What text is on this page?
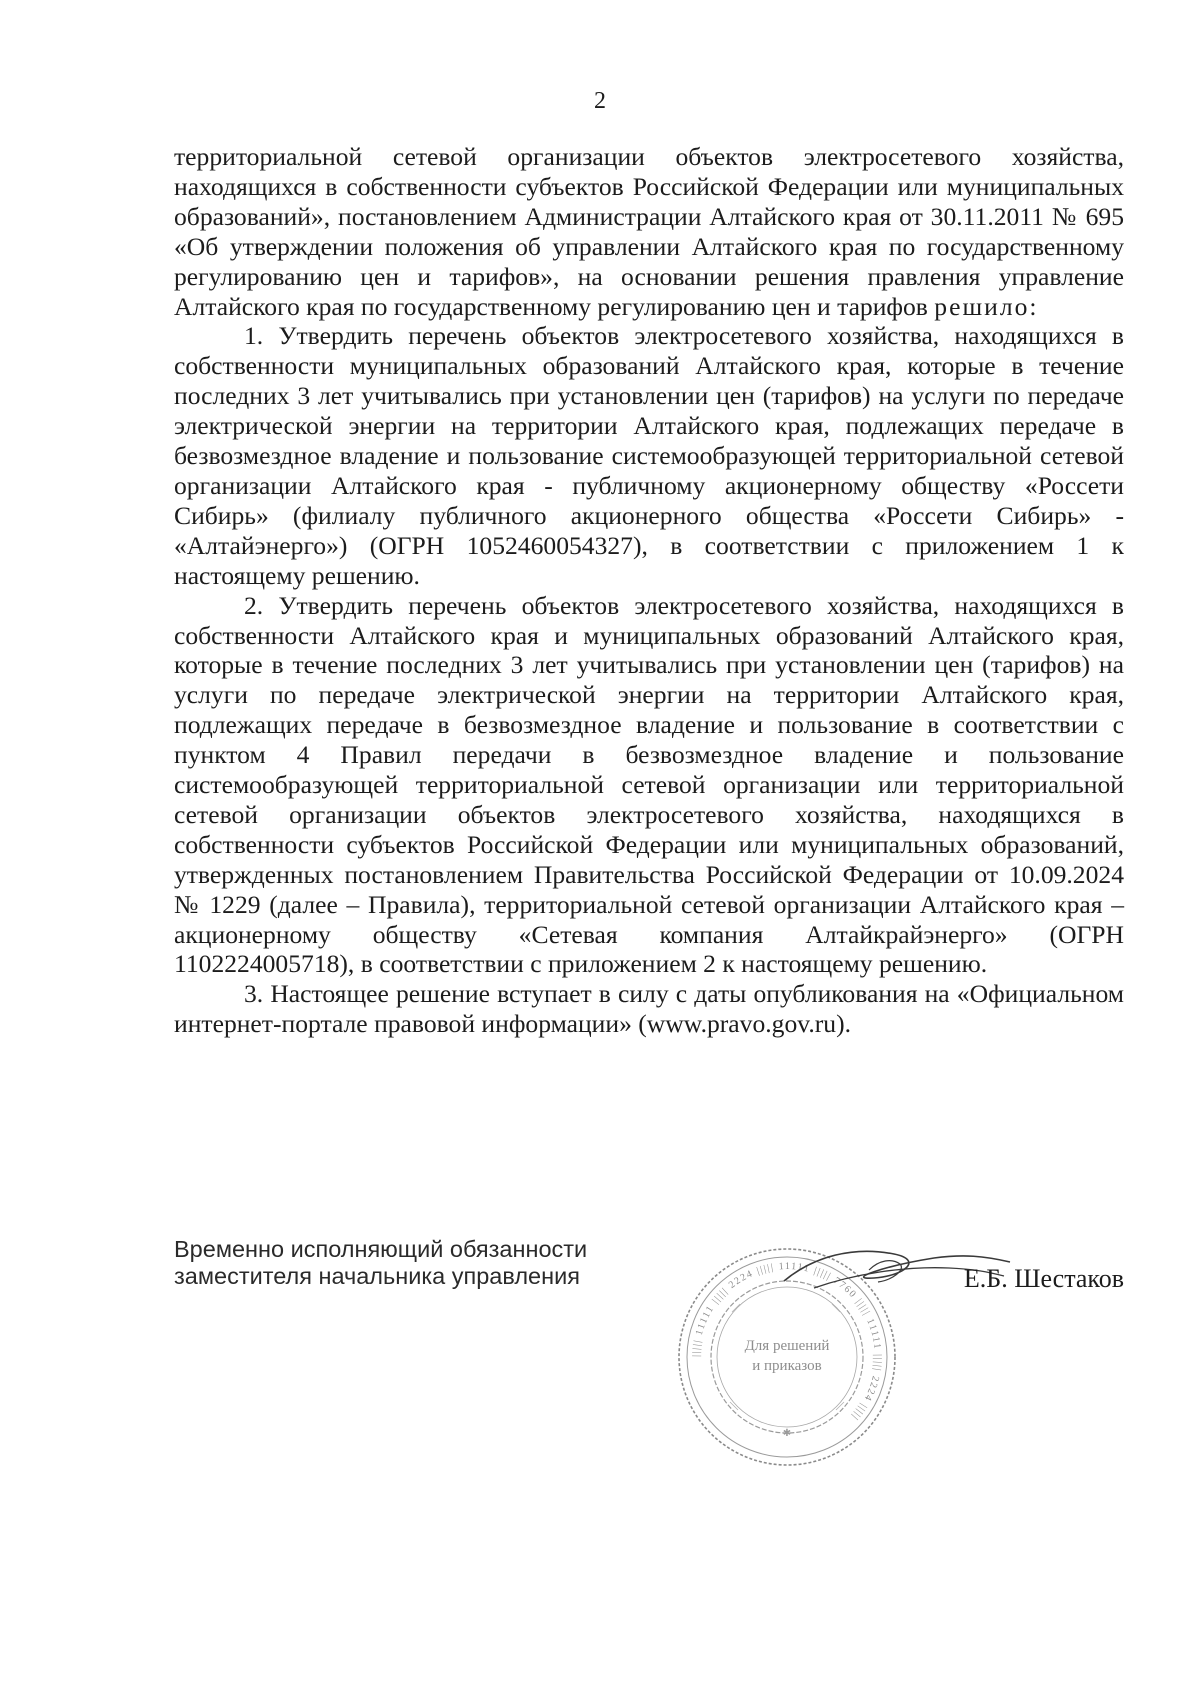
2

территориальной сетевой организации объектов электросетевого хозяйства, находящихся в собственности субъектов Российской Федерации или муниципальных образований», постановлением Администрации Алтайского края от 30.11.2011 № 695 «Об утверждении положения об управлении Алтайского края по государственному регулированию цен и тарифов», на основании решения правления управление Алтайского края по государственному регулированию цен и тарифов решило:

1. Утвердить перечень объектов электросетевого хозяйства, находящихся в собственности муниципальных образований Алтайского края, которые в течение последних 3 лет учитывались при установлении цен (тарифов) на услуги по передаче электрической энергии на территории Алтайского края, подлежащих передаче в безвозмездное владение и пользование системообразующей территориальной сетевой организации Алтайского края - публичному акционерному обществу «Россети Сибирь» (филиалу публичного акционерного общества «Россети Сибирь» - «Алтайэнерго») (ОГРН 1052460054327), в соответствии с приложением 1 к настоящему решению.

2. Утвердить перечень объектов электросетевого хозяйства, находящихся в собственности Алтайского края и муниципальных образований Алтайского края, которые в течение последних 3 лет учитывались при установлении цен (тарифов) на услуги по передаче электрической энергии на территории Алтайского края, подлежащих передаче в безвозмездное владение и пользование в соответствии с пунктом 4 Правил передачи в безвозмездное владение и пользование системообразующей территориальной сетевой организации или территориальной сетевой организации объектов электросетевого хозяйства, находящихся в собственности субъектов Российской Федерации или муниципальных образований, утвержденных постановлением Правительства Российской Федерации от 10.09.2024 № 1229 (далее – Правила), территориальной сетевой организации Алтайского края – акционерному обществу «Сетевая компания Алтайкрайэнерго» (ОГРН 1102224005718), в соответствии с приложением 2 к настоящему решению.

3. Настоящее решение вступает в силу с даты опубликования на «Официальном интернет-портале правовой информации» (www.pravo.gov.ru).

Временно исполняющий обязанности
заместителя начальника управления
||||| 11111 ||||| 2224 ||||| 11111 ||||| 7760 ||||| 11111 ||||| 2224 |||||
Для решений
и приказов
✱
Е.Б. Шестаков
